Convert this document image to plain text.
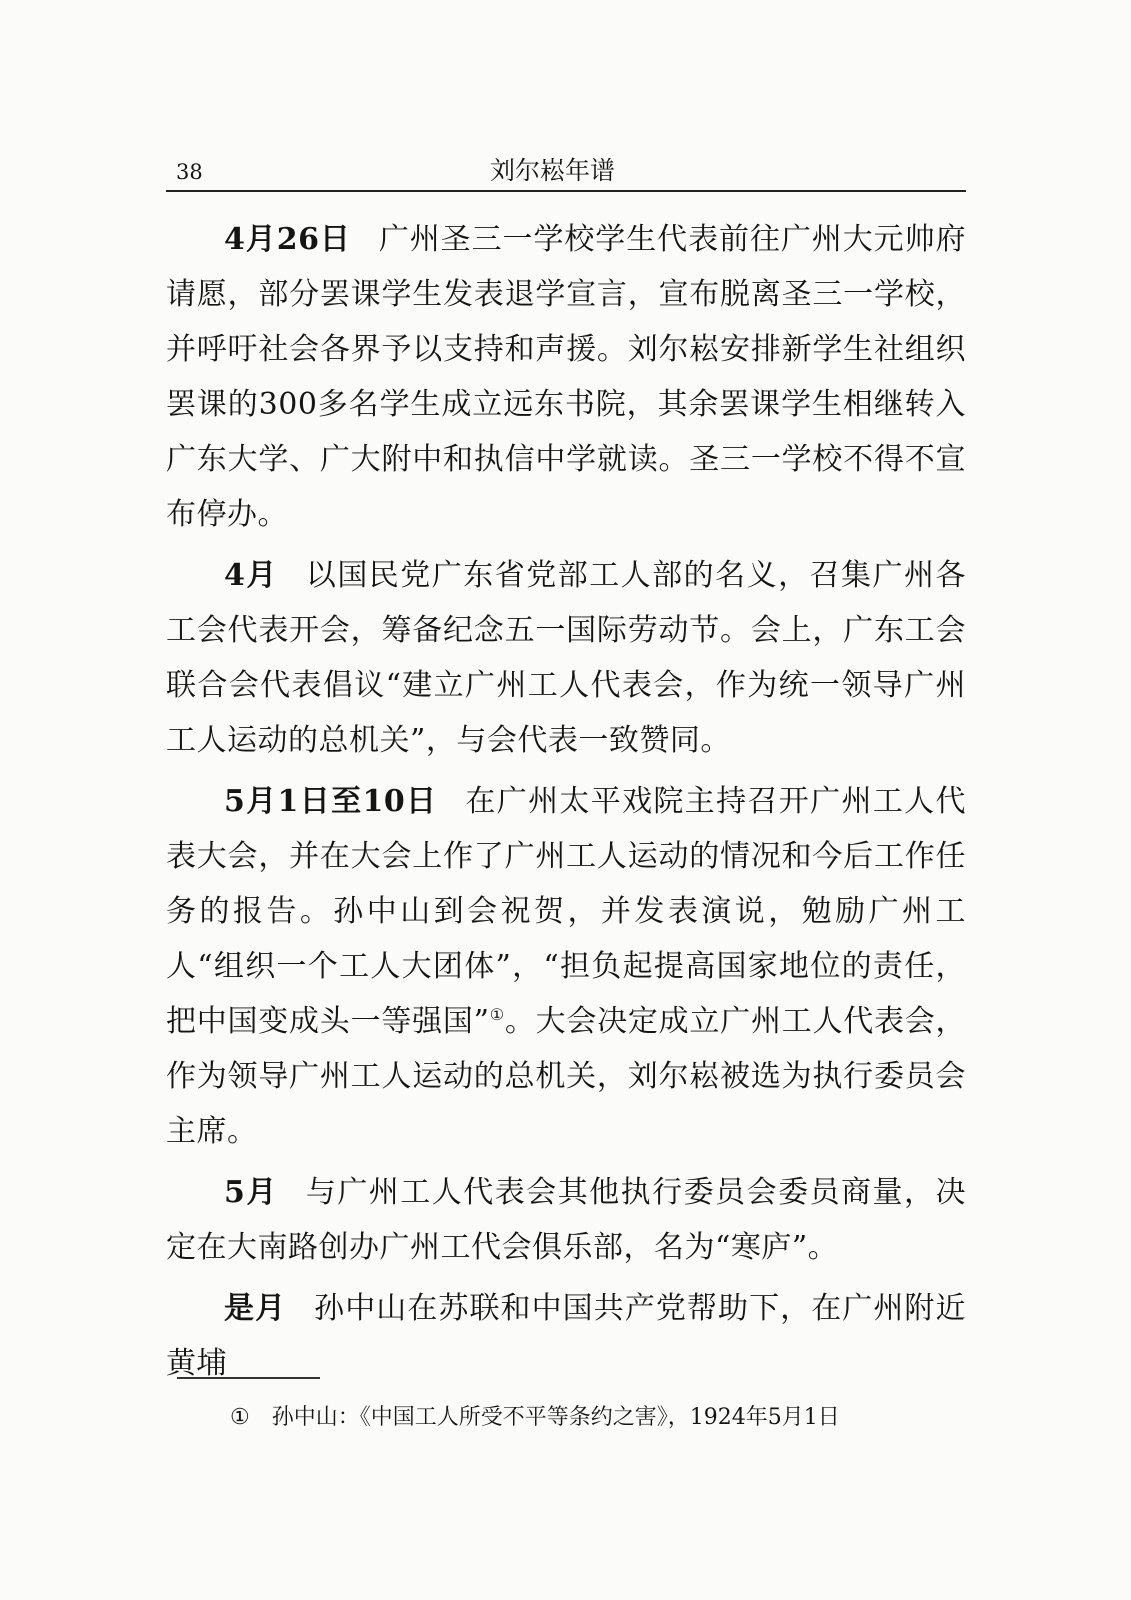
38	刘尔崧年谱

4月26日 广州圣三一学校学生代表前往广州大元帅府请愿，部分罢课学生发表退学宣言，宣布脱离圣三一学校，并呼吁社会各界予以支持和声援。刘尔崧安排新学生社组织罢课的300多名学生成立远东书院，其余罢课学生相继转入广东大学、广大附中和执信中学就读。圣三一学校不得不宣布停办。

4月 以国民党广东省党部工人部的名义，召集广州各工会代表开会，筹备纪念五一国际劳动节。会上，广东工会联合会代表倡议“建立广州工人代表会，作为统一领导广州工人运动的总机关”，与会代表一致赞同。

5月1日至10日 在广州太平戏院主持召开广州工人代表大会，并在大会上作了广州工人运动的情况和今后工作任务的报告。孙中山到会祝贺，并发表演说，勉励广州工人“组织一个工人大团体”，“担负起提高国家地位的责任，把中国变成头一等强国”①。大会决定成立广州工人代表会，作为领导广州工人运动的总机关，刘尔崧被选为执行委员会主席。

5月 与广州工人代表会其他执行委员会委员商量，决定在大南路创办广州工代会俱乐部，名为“寒庐”。

是月 孙中山在苏联和中国共产党帮助下，在广州附近黄埔

① 孙中山：《中国工人所受不平等条约之害》，1924年5月1日
